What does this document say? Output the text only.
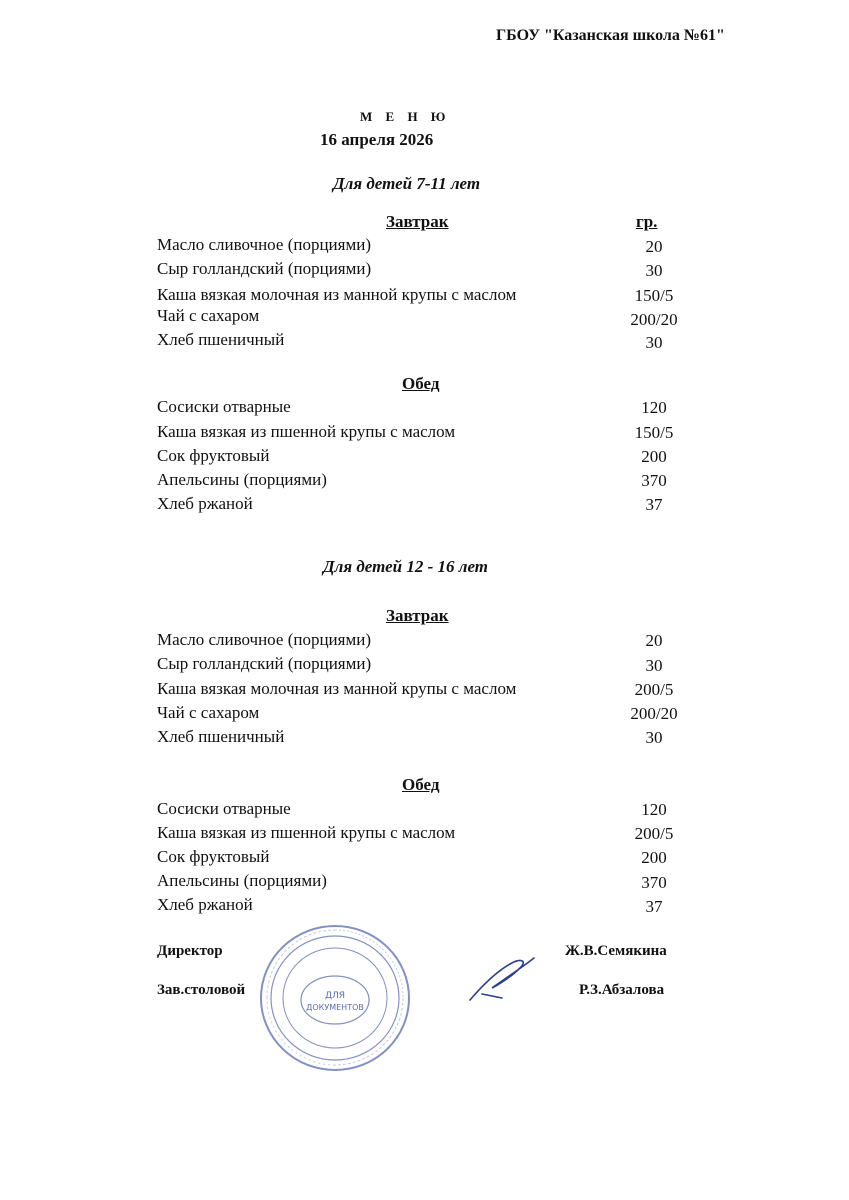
ГБОУ "Казанская школа №61"
М Е Н Ю
16 апреля 2026
Для детей 7-11 лет
Завтрак	гр.
Масло сливочное (порциями)	20
Сыр голландский (порциями)	30
Каша вязкая молочная из манной крупы с маслом	150/5
Чай с сахаром	200/20
Хлеб пшеничный	30
Обед
Сосиски отварные	120
Каша вязкая из пшенной крупы с маслом	150/5
Сок фруктовый	200
Апельсины (порциями)	370
Хлеб ржаной	37
Для детей 12 - 16 лет
Завтрак
Масло сливочное (порциями)	20
Сыр голландский (порциями)	30
Каша вязкая молочная из манной крупы с маслом	200/5
Чай с сахаром	200/20
Хлеб пшеничный	30
Обед
Сосиски отварные	120
Каша вязкая из пшенной крупы с маслом	200/5
Сок фруктовый	200
Апельсины (порциями)	370
Хлеб ржаной	37
ДЛЯ
ДОКУМЕНТОВ
Директор	Ж.В.Семякина
Зав.столовой	Р.З.Абзалова
